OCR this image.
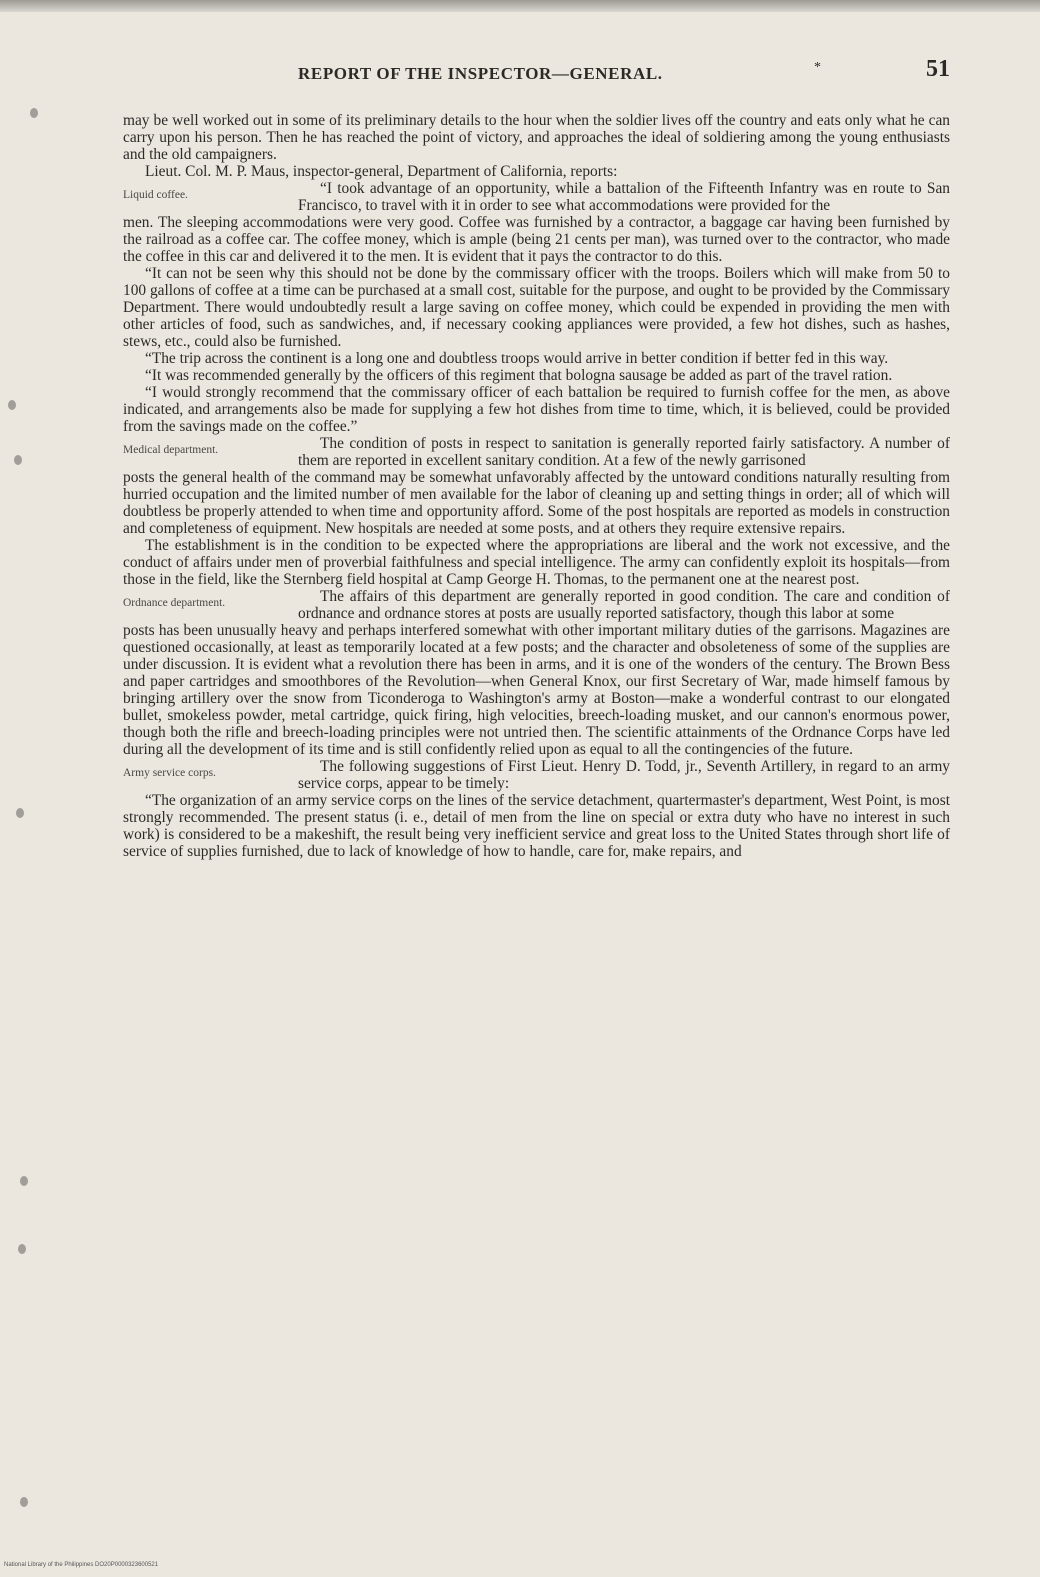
REPORT OF THE INSPECTOR—GENERAL.	*	51

may be well worked out in some of its preliminary details to the hour when the soldier lives off the country and eats only what he can carry upon his person. Then he has reached the point of victory, and approaches the ideal of soldiering among the young enthusiasts and the old campaigners.

Lieut. Col. M. P. Maus, inspector-general, Department of California, reports:

Liquid coffee.	“I took advantage of an opportunity, while a battalion of the Fifteenth Infantry was en route to San Francisco, to travel with it in order to see what accommodations were provided for the

men. The sleeping accommodations were very good. Coffee was furnished by a contractor, a baggage car having been furnished by the railroad as a coffee car. The coffee money, which is ample (being 21 cents per man), was turned over to the contractor, who made the coffee in this car and delivered it to the men. It is evident that it pays the contractor to do this.

“It can not be seen why this should not be done by the commissary officer with the troops. Boilers which will make from 50 to 100 gallons of coffee at a time can be purchased at a small cost, suitable for the purpose, and ought to be provided by the Commissary Department. There would undoubtedly result a large saving on coffee money, which could be expended in providing the men with other articles of food, such as sandwiches, and, if necessary cooking appliances were provided, a few hot dishes, such as hashes, stews, etc., could also be furnished.

“The trip across the continent is a long one and doubtless troops would arrive in better condition if better fed in this way.

“It was recommended generally by the officers of this regiment that bologna sausage be added as part of the travel ration.

“I would strongly recommend that the commissary officer of each battalion be required to furnish coffee for the men, as above indicated, and arrangements also be made for supplying a few hot dishes from time to time, which, it is believed, could be provided from the savings made on the coffee.”

Medical department.	The condition of posts in respect to sanitation is generally reported fairly satisfactory. A number of them are reported in excellent sanitary condition. At a few of the newly garrisoned

posts the general health of the command may be somewhat unfavorably affected by the untoward conditions naturally resulting from hurried occupation and the limited number of men available for the labor of cleaning up and setting things in order; all of which will doubtless be properly attended to when time and opportunity afford. Some of the post hospitals are reported as models in construction and completeness of equipment. New hospitals are needed at some posts, and at others they require extensive repairs.

The establishment is in the condition to be expected where the appropriations are liberal and the work not excessive, and the conduct of affairs under men of proverbial faithfulness and special intelligence. The army can confidently exploit its hospitals—from those in the field, like the Sternberg field hospital at Camp George H. Thomas, to the permanent one at the nearest post.

Ordnance department.	The affairs of this department are generally reported in good condition. The care and condition of ordnance and ordnance stores at posts are usually reported satisfactory, though this labor at some

posts has been unusually heavy and perhaps interfered somewhat with other important military duties of the garrisons. Magazines are questioned occasionally, at least as temporarily located at a few posts; and the character and obsoleteness of some of the supplies are under discussion. It is evident what a revolution there has been in arms, and it is one of the wonders of the century. The Brown Bess and paper cartridges and smoothbores of the Revolution—when General Knox, our first Secretary of War, made himself famous by bringing artillery over the snow from Ticonderoga to Washington's army at Boston—make a wonderful contrast to our elongated bullet, smokeless powder, metal cartridge, quick firing, high velocities, breech-loading musket, and our cannon's enormous power, though both the rifle and breech-loading principles were not untried then. The scientific attainments of the Ordnance Corps have led during all the development of its time and is still confidently relied upon as equal to all the contingencies of the future.

Army service corps.	The following suggestions of First Lieut. Henry D. Todd, jr., Seventh Artillery, in regard to an army service corps, appear to be timely:

“The organization of an army service corps on the lines of the service detachment, quartermaster's department, West Point, is most strongly recommended. The present status (i. e., detail of men from the line on special or extra duty who have no interest in such work) is considered to be a makeshift, the result being very inefficient service and great loss to the United States through short life of service of supplies furnished, due to lack of knowledge of how to handle, care for, make repairs, and

National Library of the Philippines DO20P0000323600521
